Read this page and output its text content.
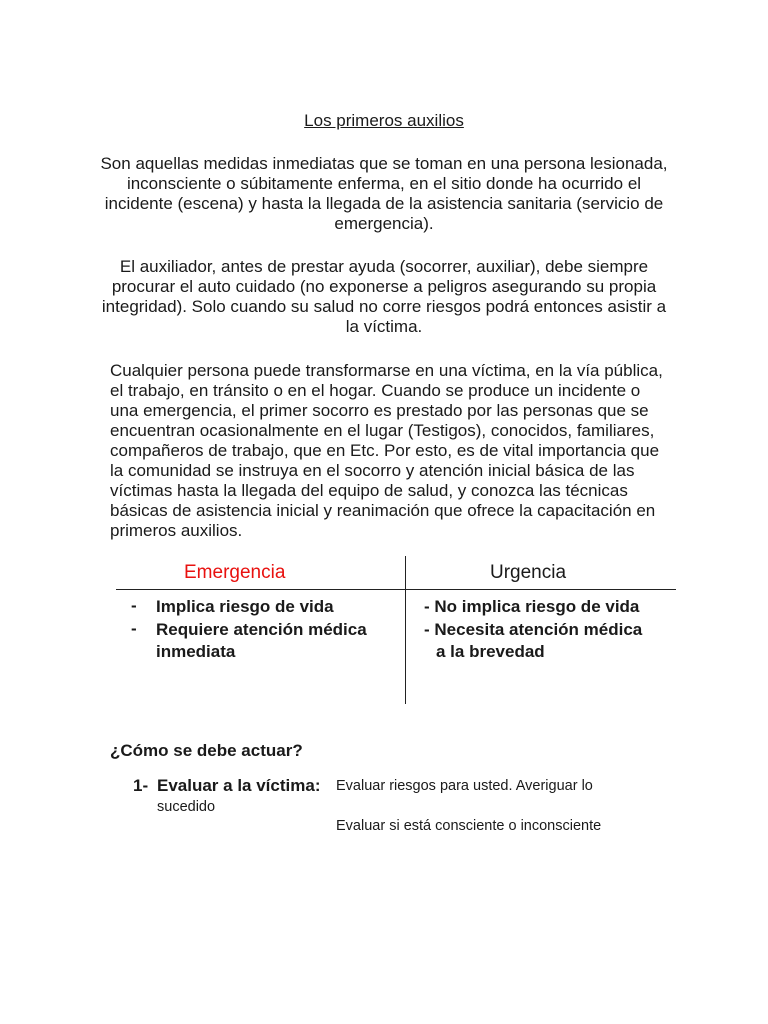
Los primeros auxilios

Son aquellas medidas inmediatas que se toman en una persona lesionada, inconsciente o súbitamente enferma, en el sitio donde ha ocurrido el incidente (escena) y hasta la llegada de la asistencia sanitaria (servicio de emergencia).

El auxiliador, antes de prestar ayuda (socorrer, auxiliar), debe siempre procurar el auto cuidado (no exponerse a peligros asegurando su propia integridad). Solo cuando su salud no corre riesgos podrá entonces asistir a la víctima.

Cualquier persona puede transformarse en una víctima, en la vía pública, el trabajo, en tránsito o en el hogar. Cuando se produce un incidente o una emergencia, el primer socorro es prestado por las personas que se encuentran ocasionalmente en el lugar (Testigos), conocidos, familiares, compañeros de trabajo, que en Etc. Por esto, es de vital importancia que la comunidad se instruya en el socorro y atención inicial básica de las víctimas hasta la llegada del equipo de salud, y conozca las técnicas básicas de asistencia inicial y reanimación que ofrece la capacitación en primeros auxilios.

Emergencia	Urgencia
-
-
Implica riesgo de vida
Requiere atención médica inmediata
- No implica riesgo de vida
- Necesita atención médica
a la brevedad
¿Cómo se debe actuar?
1- Evaluar a la víctima: Evaluar riesgos para usted. Averiguar lo
sucedido
Evaluar si está consciente o inconsciente
